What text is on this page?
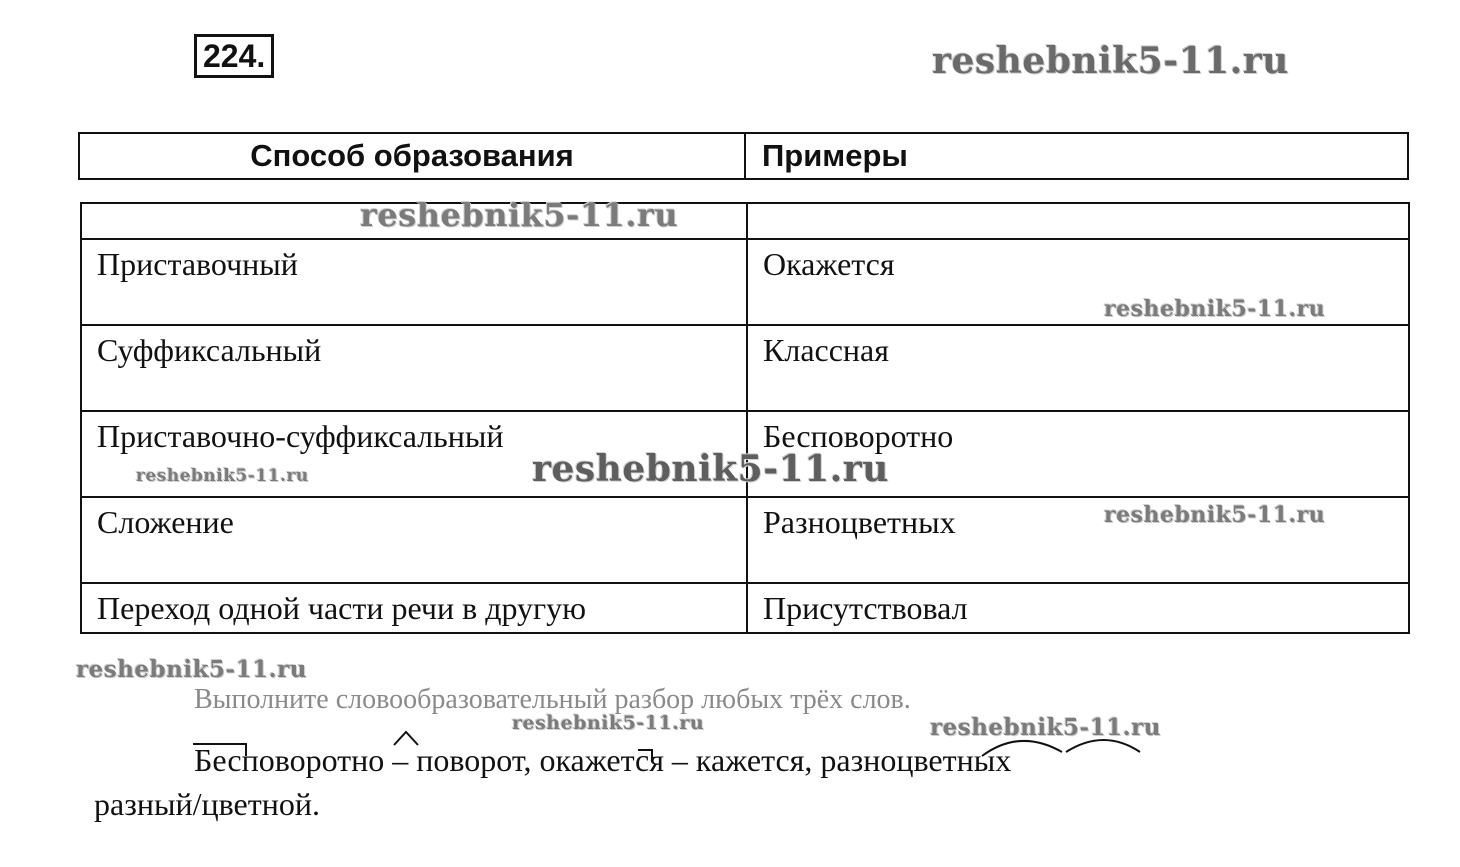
224.	reshebnik5-11.ru
Способ образования	Примеры

Приставочный	Окажется
Суффиксальный	Классная
Приставочно-суффиксальный	Бесповоротно
Сложение	Разноцветных
Переход одной части речи в другую	Присутствовал
reshebnik5-11.ru
reshebnik5-11.ru
reshebnik5-11.ru	reshebnik5-11.ru
reshebnik5-11.ru
reshebnik5-11.ru
Выполните словообразовательный разбор любых трёх слов.
reshebnik5-11.ru	reshebnik5-11.ru
Бесповоротно – поворот, окажется – кажется, разноцветных
разный/цветной.
